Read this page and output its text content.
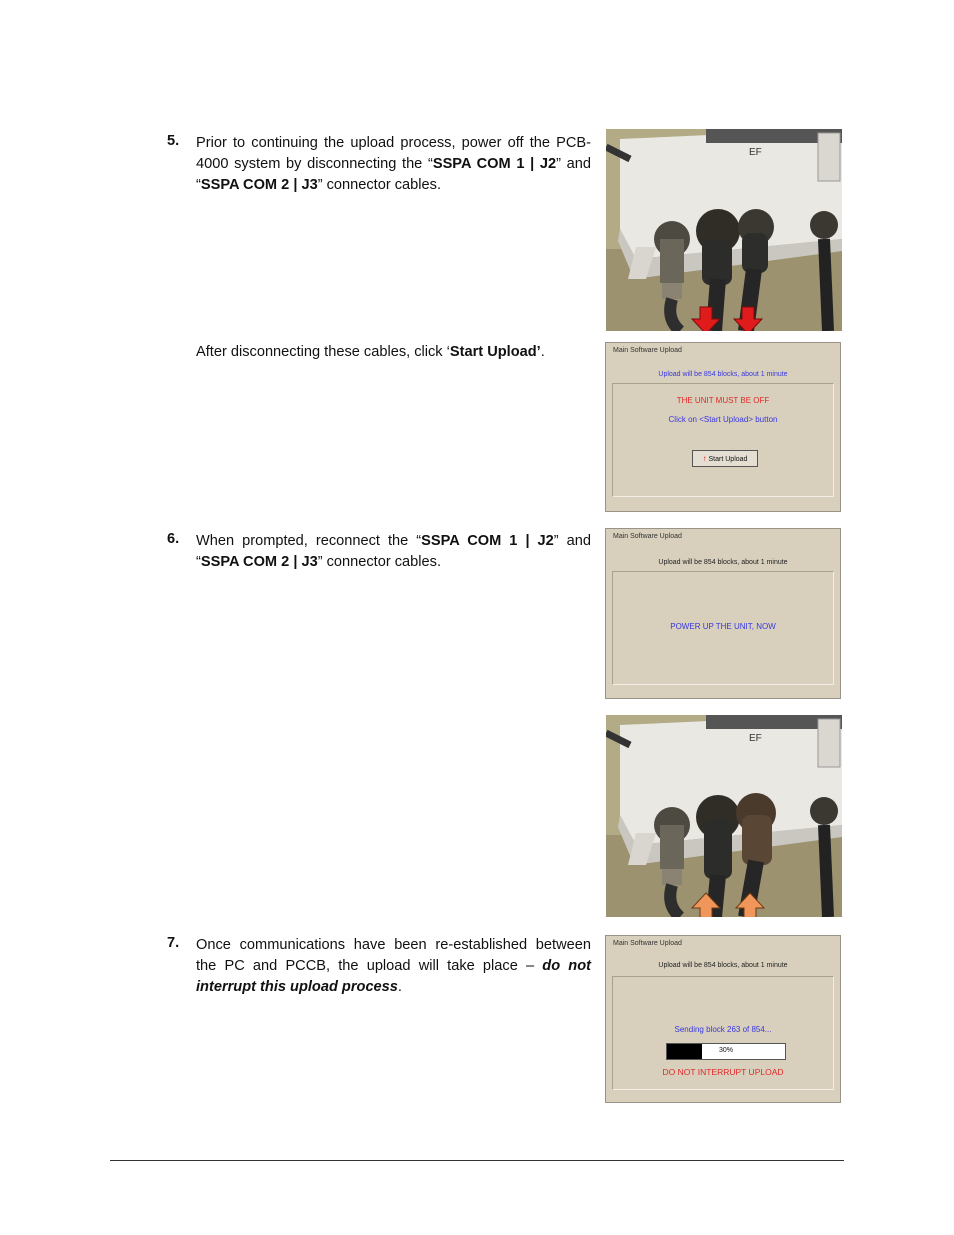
5. Prior to continuing the upload process, power off the PCB-4000 system by disconnecting the “SSPA COM 1 | J2” and “SSPA COM 2 | J3” connector cables.
After disconnecting these cables, click ‘Start Upload’.
EF
Main Software Upload
Upload will be 854 blocks, about 1 minute
THE UNIT MUST BE OFF
Click on <Start Upload> button
↑ Start Upload
6. When prompted, reconnect the “SSPA COM 1 | J2” and “SSPA COM 2 | J3” connector cables.
Main Software Upload
Upload will be 854 blocks, about 1 minute
POWER UP THE UNIT, NOW
EF
7. Once communications have been re-established between the PC and PCCB, the upload will take place – do not interrupt this upload process.
Main Software Upload
Upload will be 854 blocks, about 1 minute
Sending block 263 of 854...
30%
DO NOT INTERRUPT UPLOAD
